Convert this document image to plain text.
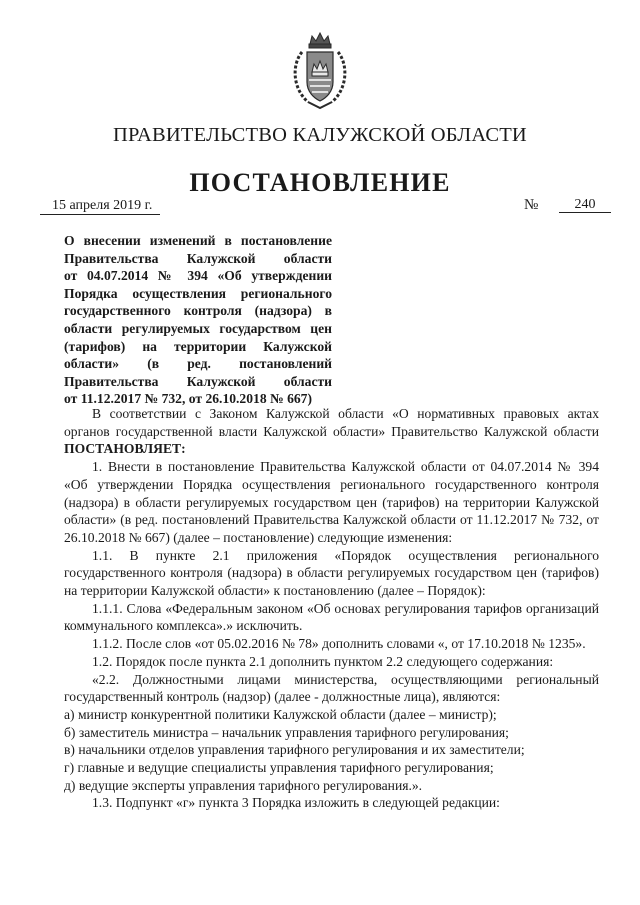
ПРАВИТЕЛЬСТВО КАЛУЖСКОЙ ОБЛАСТИ
ПОСТАНОВЛЕНИЕ
15 апреля 2019 г.	№	240
О внесении изменений в постановление
Правительства Калужской области
от 04.07.2014 № 394 «Об утверждении
Порядка осуществления регионального
государственного контроля (надзора) в
области регулируемых государством цен
(тарифов) на территории Калужской
области» (в ред. постановлений
Правительства Калужской области
от 11.12.2017 № 732, от 26.10.2018 № 667)

В соответствии с Законом Калужской области «О нормативных правовых актах органов государственной власти Калужской области» Правительство Калужской области ПОСТАНОВЛЯЕТ:

1. Внести в постановление Правительства Калужской области от 04.07.2014 № 394 «Об утверждении Порядка осуществления регионального государственного контроля (надзора) в области регулируемых государством цен (тарифов) на территории Калужской области» (в ред. постановлений Правительства Калужской области от 11.12.2017 № 732, от 26.10.2018 № 667) (далее – постановление) следующие изменения:

1.1. В пункте 2.1 приложения «Порядок осуществления регионального государственного контроля (надзора) в области регулируемых государством цен (тарифов) на территории Калужской области» к постановлению (далее – Порядок):

1.1.1. Слова «Федеральным законом «Об основах регулирования тарифов организаций коммунального комплекса».» исключить.

1.1.2. После слов «от 05.02.2016 № 78» дополнить словами «, от 17.10.2018 № 1235».

1.2. Порядок после пункта 2.1 дополнить пунктом 2.2 следующего содержания:

«2.2. Должностными лицами министерства, осуществляющими региональный государственный контроль (надзор) (далее - должностные лица), являются:

а) министр конкурентной политики Калужской области (далее – министр);

б) заместитель министра – начальник управления тарифного регулирования;

в) начальники отделов управления тарифного регулирования и их заместители;

г) главные и ведущие специалисты управления тарифного регулирования;

д) ведущие эксперты управления тарифного регулирования.».

1.3. Подпункт «г» пункта 3 Порядка изложить в следующей редакции:
